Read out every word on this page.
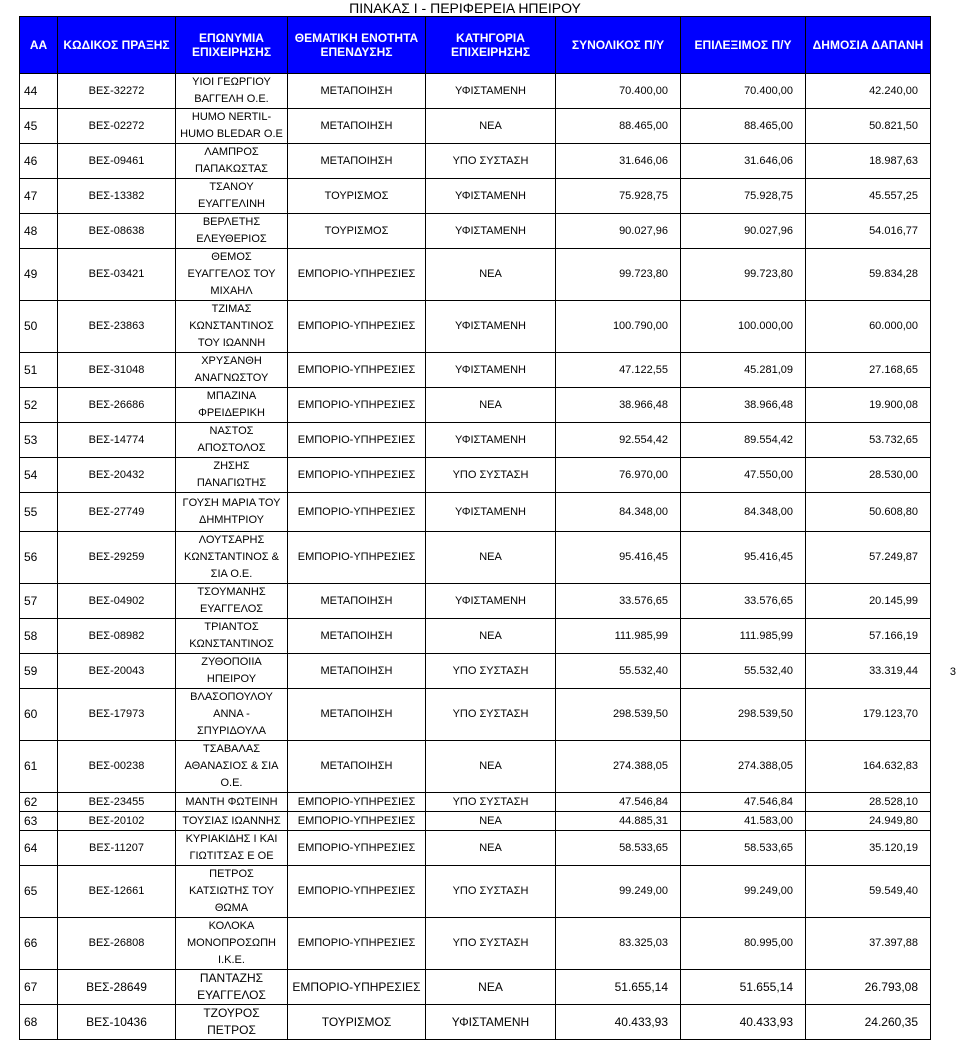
ΠΙΝΑΚΑΣ Ι - ΠΕΡΙΦΕΡΕΙΑ ΗΠΕΙΡΟΥ
ΑΑ	ΚΩΔΙΚΟΣ ΠΡΑΞΗΣ	ΕΠΩΝΥΜΙΑ ΕΠΙΧΕΙΡΗΣΗΣ	ΘΕΜΑΤΙΚΗ ΕΝΟΤΗΤΑ ΕΠΕΝΔΥΣΗΣ	ΚΑΤΗΓΟΡΙΑ ΕΠΙΧΕΙΡΗΣΗΣ	ΣΥΝΟΛΙΚΟΣ Π/Υ	ΕΠΙΛΕΞΙΜΟΣ Π/Υ	ΔΗΜΟΣΙΑ ΔΑΠΑΝΗ
44	ΒΕΣ-32272	ΥΙΟΙ ΓΕΩΡΓΙΟΥ ΒΑΓΓΕΛΗ Ο.Ε.	ΜΕΤΑΠΟΙΗΣΗ	ΥΦΙΣΤΑΜΕΝΗ	70.400,00	70.400,00	42.240,00
45	ΒΕΣ-02272	HUMO NERTIL-HUMO BLEDAR Ο.Ε	ΜΕΤΑΠΟΙΗΣΗ	ΝΕΑ	88.465,00	88.465,00	50.821,50
46	ΒΕΣ-09461	ΛΑΜΠΡΟΣ ΠΑΠΑΚΩΣΤΑΣ	ΜΕΤΑΠΟΙΗΣΗ	ΥΠΟ ΣΥΣΤΑΣΗ	31.646,06	31.646,06	18.987,63
47	ΒΕΣ-13382	ΤΣΑΝΟΥ ΕΥΑΓΓΕΛΙΝΗ	ΤΟΥΡΙΣΜΟΣ	ΥΦΙΣΤΑΜΕΝΗ	75.928,75	75.928,75	45.557,25
48	ΒΕΣ-08638	ΒΕΡΛΕΤΗΣ ΕΛΕΥΘΕΡΙΟΣ	ΤΟΥΡΙΣΜΟΣ	ΥΦΙΣΤΑΜΕΝΗ	90.027,96	90.027,96	54.016,77
49	ΒΕΣ-03421	ΘΕΜΟΣ ΕΥΑΓΓΕΛΟΣ ΤΟΥ ΜΙΧΑΗΛ	ΕΜΠΟΡΙΟ-ΥΠΗΡΕΣΙΕΣ	ΝΕΑ	99.723,80	99.723,80	59.834,28
50	ΒΕΣ-23863	ΤΖΙΜΑΣ ΚΩΝΣΤΑΝΤΙΝΟΣ ΤΟΥ ΙΩΑΝΝΗ	ΕΜΠΟΡΙΟ-ΥΠΗΡΕΣΙΕΣ	ΥΦΙΣΤΑΜΕΝΗ	100.790,00	100.000,00	60.000,00
51	ΒΕΣ-31048	ΧΡΥΣΑΝΘΗ ΑΝΑΓΝΩΣΤΟΥ	ΕΜΠΟΡΙΟ-ΥΠΗΡΕΣΙΕΣ	ΥΦΙΣΤΑΜΕΝΗ	47.122,55	45.281,09	27.168,65
52	ΒΕΣ-26686	ΜΠΑΖΙΝΑ ΦΡΕΙΔΕΡΙΚΗ	ΕΜΠΟΡΙΟ-ΥΠΗΡΕΣΙΕΣ	ΝΕΑ	38.966,48	38.966,48	19.900,08
53	ΒΕΣ-14774	ΝΑΣΤΟΣ ΑΠΟΣΤΟΛΟΣ	ΕΜΠΟΡΙΟ-ΥΠΗΡΕΣΙΕΣ	ΥΦΙΣΤΑΜΕΝΗ	92.554,42	89.554,42	53.732,65
54	ΒΕΣ-20432	ΖΗΣΗΣ ΠΑΝΑΓΙΩΤΗΣ	ΕΜΠΟΡΙΟ-ΥΠΗΡΕΣΙΕΣ	ΥΠΟ ΣΥΣΤΑΣΗ	76.970,00	47.550,00	28.530,00
55	ΒΕΣ-27749	ΓΟΥΣΗ ΜΑΡΙΑ ΤΟΥ ΔΗΜΗΤΡΙΟΥ	ΕΜΠΟΡΙΟ-ΥΠΗΡΕΣΙΕΣ	ΥΦΙΣΤΑΜΕΝΗ	84.348,00	84.348,00	50.608,80
56	ΒΕΣ-29259	ΛΟΥΤΣΑΡΗΣ ΚΩΝΣΤΑΝΤΙΝΟΣ & ΣΙΑ Ο.Ε.	ΕΜΠΟΡΙΟ-ΥΠΗΡΕΣΙΕΣ	ΝΕΑ	95.416,45	95.416,45	57.249,87
57	ΒΕΣ-04902	ΤΣΟΥΜΑΝΗΣ ΕΥΑΓΓΕΛΟΣ	ΜΕΤΑΠΟΙΗΣΗ	ΥΦΙΣΤΑΜΕΝΗ	33.576,65	33.576,65	20.145,99
58	ΒΕΣ-08982	ΤΡΙΑΝΤΟΣ ΚΩΝΣΤΑΝΤΙΝΟΣ	ΜΕΤΑΠΟΙΗΣΗ	ΝΕΑ	111.985,99	111.985,99	57.166,19
59	ΒΕΣ-20043	ΖΥΘΟΠΟΙΙΑ ΗΠΕΙΡΟΥ	ΜΕΤΑΠΟΙΗΣΗ	ΥΠΟ ΣΥΣΤΑΣΗ	55.532,40	55.532,40	33.319,44
60	ΒΕΣ-17973	ΒΛΑΣΟΠΟΥΛΟΥ ΑΝΝΑ - ΣΠΥΡΙΔΟΥΛΑ	ΜΕΤΑΠΟΙΗΣΗ	ΥΠΟ ΣΥΣΤΑΣΗ	298.539,50	298.539,50	179.123,70
61	ΒΕΣ-00238	ΤΣΑΒΑΛΑΣ ΑΘΑΝΑΣΙΟΣ & ΣΙΑ Ο.Ε.	ΜΕΤΑΠΟΙΗΣΗ	ΝΕΑ	274.388,05	274.388,05	164.632,83
62	ΒΕΣ-23455	ΜΑΝΤΗ ΦΩΤΕΙΝΗ	ΕΜΠΟΡΙΟ-ΥΠΗΡΕΣΙΕΣ	ΥΠΟ ΣΥΣΤΑΣΗ	47.546,84	47.546,84	28.528,10
63	ΒΕΣ-20102	ΤΟΥΣΙΑΣ ΙΩΑΝΝΗΣ	ΕΜΠΟΡΙΟ-ΥΠΗΡΕΣΙΕΣ	ΝΕΑ	44.885,31	41.583,00	24.949,80
64	ΒΕΣ-11207	ΚΥΡΙΑΚΙΔΗΣ Ι ΚΑΙ ΓΙΩΤΙΤΣΑΣ Ε ΟΕ	ΕΜΠΟΡΙΟ-ΥΠΗΡΕΣΙΕΣ	ΝΕΑ	58.533,65	58.533,65	35.120,19
65	ΒΕΣ-12661	ΠΕΤΡΟΣ ΚΑΤΣΙΩΤΗΣ ΤΟΥ ΘΩΜΑ	ΕΜΠΟΡΙΟ-ΥΠΗΡΕΣΙΕΣ	ΥΠΟ ΣΥΣΤΑΣΗ	99.249,00	99.249,00	59.549,40
66	ΒΕΣ-26808	ΚΟΛΟΚΑ ΜΟΝΟΠΡΟΣΩΠΗ Ι.Κ.Ε.	ΕΜΠΟΡΙΟ-ΥΠΗΡΕΣΙΕΣ	ΥΠΟ ΣΥΣΤΑΣΗ	83.325,03	80.995,00	37.397,88
67	ΒΕΣ-28649	ΠΑΝΤΑΖΗΣ ΕΥΑΓΓΕΛΟΣ	ΕΜΠΟΡΙΟ-ΥΠΗΡΕΣΙΕΣ	ΝΕΑ	51.655,14	51.655,14	26.793,08
68	ΒΕΣ-10436	ΤΖΟΥΡΟΣ ΠΕΤΡΟΣ	ΤΟΥΡΙΣΜΟΣ	ΥΦΙΣΤΑΜΕΝΗ	40.433,93	40.433,93	24.260,35
3
